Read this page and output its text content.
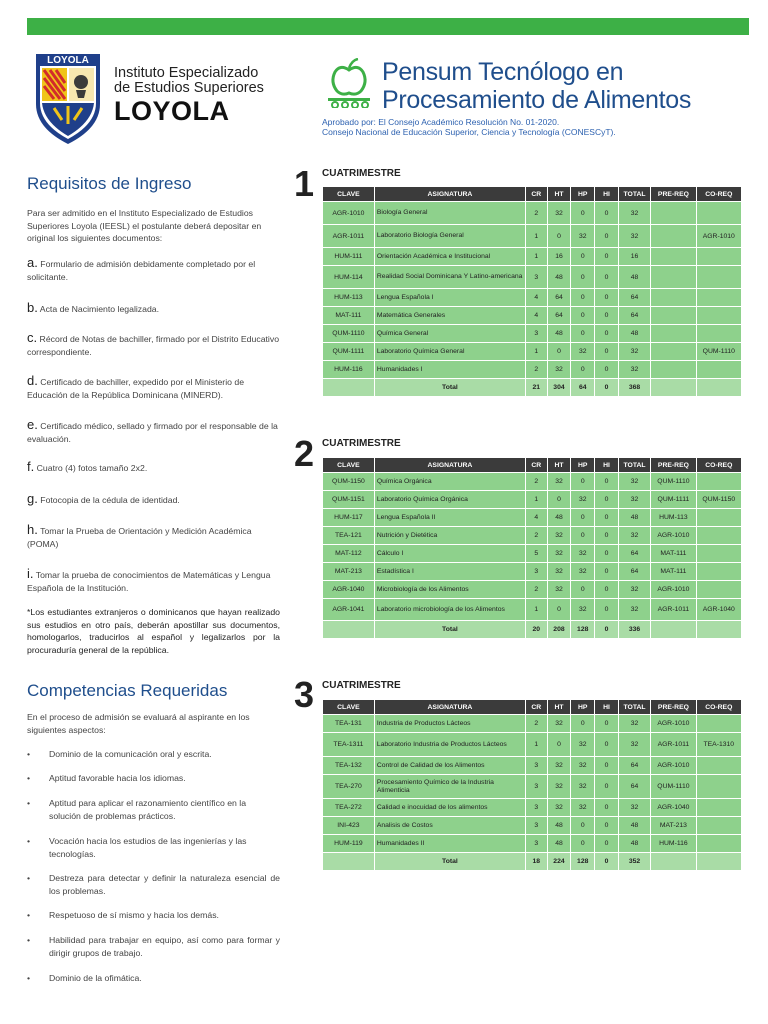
LOYOLA
Instituto Especializado
de Estudios Superiores
LOYOLA
Pensum Tecnólogo en
Procesamiento de Alimentos
Aprobado por: El Consejo Académico Resolución No. 01-2020.
Consejo Nacional de Educación Superior, Ciencia y Tecnología (CONESCyT).
Requisitos de Ingreso
Para ser admitido en el Instituto Especializado de Estudios Superiores Loyola (IEESL) el postulante deberá depositar en original los siguientes documentos:
a. Formulario de admisión debidamente completado por el solicitante.
b. Acta de Nacimiento legalizada.
c. Récord de Notas de bachiller, firmado por el Distrito Educativo correspondiente.
d. Certificado de bachiller, expedido por el Ministerio de Educación de la República Dominicana (MINERD).
e. Certificado médico, sellado y firmado por el responsable de la evaluación.
f. Cuatro (4) fotos tamaño 2x2.
g. Fotocopia de la cédula de identidad.
h. Tomar la Prueba de Orientación y Medición Académica (POMA)
i. Tomar la prueba de conocimientos de Matemáticas y Lengua Española de la Institución.
*Los estudiantes extranjeros o dominicanos que hayan realizado sus estudios en otro país, deberán apostillar sus documentos, homologarlos, traducirlos al español y legalizarlos por la procuraduría general de la república.
Competencias Requeridas
En el proceso de admisión se evaluará al aspirante en los siguientes aspectos:
• Dominio de la comunicación oral y escrita.
• Aptitud favorable hacia los idiomas.
• Aptitud para aplicar el razonamiento científico en la solución de problemas prácticos.
• Vocación hacia los estudios de las ingenierías y las tecnologías.
• Destreza para detectar y definir la naturaleza esencial de los problemas.
• Respetuoso de sí mismo y hacia los demás.
• Habilidad para trabajar en equipo, así como para formar y dirigir grupos de trabajo.
• Dominio de la ofimática.
1 CUATRIMESTRE
CLAVE	ASIGNATURA	CR	HT	HP	HI	TOTAL	PRE-REQ	CO-REQ
AGR-1010	Biología General	2	32	0	0	32		
AGR-1011	Laboratorio Biología General	1	0	32	0	32		AGR-1010
HUM-111	Orientación Académica e Institucional	1	16	0	0	16		
HUM-114	Realidad Social Dominicana Y Latino-americana	3	48	0	0	48		
HUM-113	Lengua Española I	4	64	0	0	64		
MAT-111	Matemática Generales	4	64	0	0	64		
QUM-1110	Química General	3	48	0	0	48		
QUM-1111	Laboratorio Química General	1	0	32	0	32		QUM-1110
HUM-116	Humanidades I	2	32	0	0	32		
	Total	21	304	64	0	368		
2 CUATRIMESTRE
CLAVE	ASIGNATURA	CR	HT	HP	HI	TOTAL	PRE-REQ	CO-REQ
QUM-1150	Química Orgánica	2	32	0	0	32	QUM-1110	
QUM-1151	Laboratorio Química Orgánica	1	0	32	0	32	QUM-1111	QUM-1150
HUM-117	Lengua Española II	4	48	0	0	48	HUM-113	
TEA-121	Nutrición y Dietética	2	32	0	0	32	AGR-1010	
MAT-112	Cálculo I	5	32	32	0	64	MAT-111	
MAT-213	Estadística I	3	32	32	0	64	MAT-111	
AGR-1040	Microbiología de los Alimentos	2	32	0	0	32	AGR-1010	
AGR-1041	Laboratorio microbiología de los Alimentos	1	0	32	0	32	AGR-1011	AGR-1040
	Total	20	208	128	0	336		
3 CUATRIMESTRE
CLAVE	ASIGNATURA	CR	HT	HP	HI	TOTAL	PRE-REQ	CO-REQ
TEA-131	Industria de Productos Lácteos	2	32	0	0	32	AGR-1010	
TEA-1311	Laboratorio Industria de Productos Lácteos	1	0	32	0	32	AGR-1011	TEA-1310
TEA-132	Control de Calidad de los Alimentos	3	32	32	0	64	AGR-1010	
TEA-270	Procesamiento Químico de la Industria Alimenticia	3	32	32	0	64	QUM-1110	
TEA-272	Calidad e inocuidad de los alimentos	3	32	32	0	32	AGR-1040	
INI-423	Analisis de Costos	3	48	0	0	48	MAT-213	
HUM-119	Humanidades II	3	48	0	0	48	HUM-116	
	Total	18	224	128	0	352		
